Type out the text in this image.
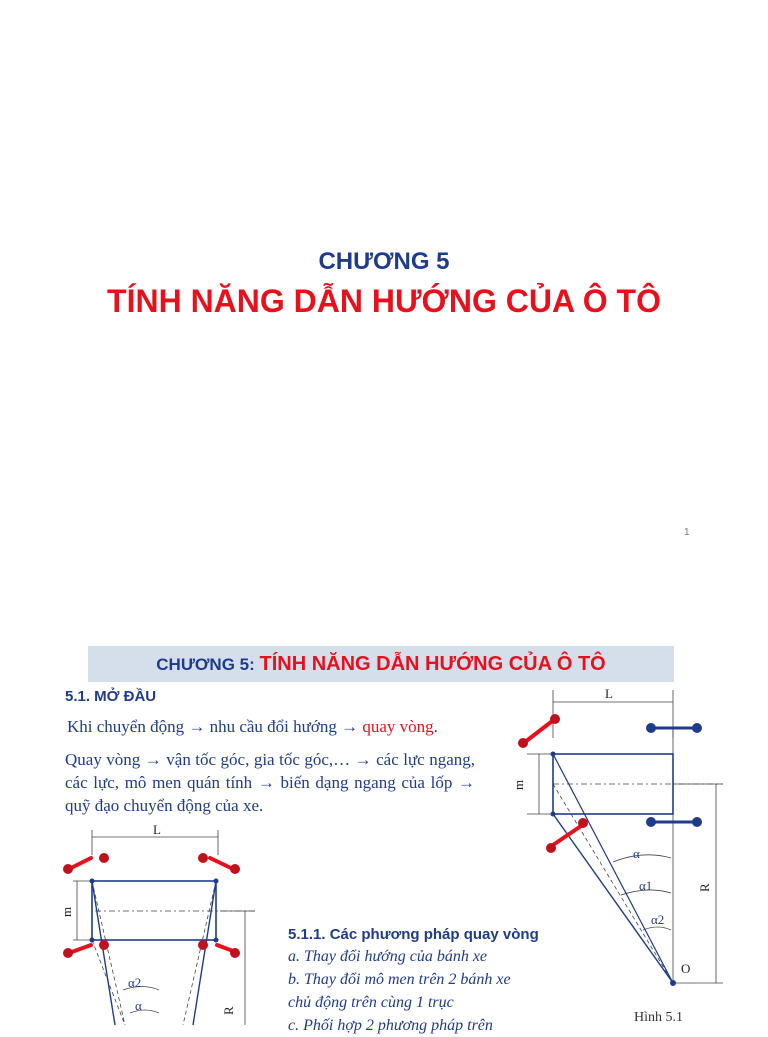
CHƯƠNG 5
TÍNH NĂNG DẪN HƯỚNG CỦA Ô TÔ
1
CHƯƠNG 5: TÍNH NĂNG DẪN HƯỚNG CỦA Ô TÔ
5.1. MỞ ĐẦU
Khi chuyển động → nhu cầu đổi hướng → quay vòng.
Quay vòng → vận tốc góc, gia tốc góc,… → các lực ngang, các lực, mô men quán tính → biến dạng ngang của lốp → quỹ đạo chuyển động của xe.
5.1.1. Các phương pháp quay vòng
a. Thay đổi hướng của bánh xe
b. Thay đổi mô men trên 2 bánh xe
chủ động trên cùng 1 trục
c. Phối hợp 2 phương pháp trên
L
m
α2
α	R
L
m
α
α1
α2
R
O
Hình 5.1
